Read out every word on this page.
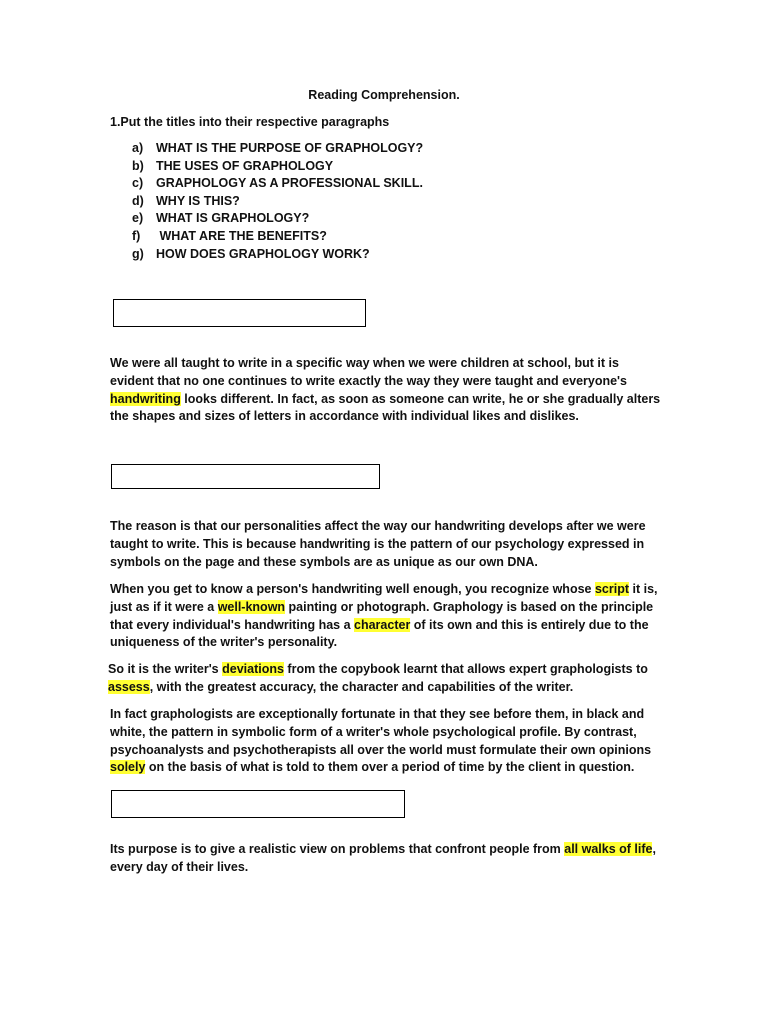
Reading Comprehension.
1.Put the titles into their respective paragraphs
a) WHAT IS THE PURPOSE OF GRAPHOLOGY?
b) THE USES OF GRAPHOLOGY
c) GRAPHOLOGY AS A PROFESSIONAL SKILL.
d) WHY IS THIS?
e) WHAT IS GRAPHOLOGY?
f) WHAT ARE THE BENEFITS?
g) HOW DOES GRAPHOLOGY WORK?

We were all taught to write in a specific way when we were children at school, but it is evident that no one continues to write exactly the way they were taught and everyone's handwriting looks different. In fact, as soon as someone can write, he or she gradually alters the shapes and sizes of letters in accordance with individual likes and dislikes.

The reason is that our personalities affect the way our handwriting develops after we were taught to write. This is because handwriting is the pattern of our psychology expressed in symbols on the page and these symbols are as unique as our own DNA.

When you get to know a person's handwriting well enough, you recognize whose script it is, just as if it were a well-known painting or photograph. Graphology is based on the principle that every individual's handwriting has a character of its own and this is entirely due to the uniqueness of the writer's personality.

So it is the writer's deviations from the copybook learnt that allows expert graphologists to assess, with the greatest accuracy, the character and capabilities of the writer.

In fact graphologists are exceptionally fortunate in that they see before them, in black and white, the pattern in symbolic form of a writer's whole psychological profile. By contrast, psychoanalysts and psychotherapists all over the world must formulate their own opinions solely on the basis of what is told to them over a period of time by the client in question.

Its purpose is to give a realistic view on problems that confront people from all walks of life, every day of their lives.
